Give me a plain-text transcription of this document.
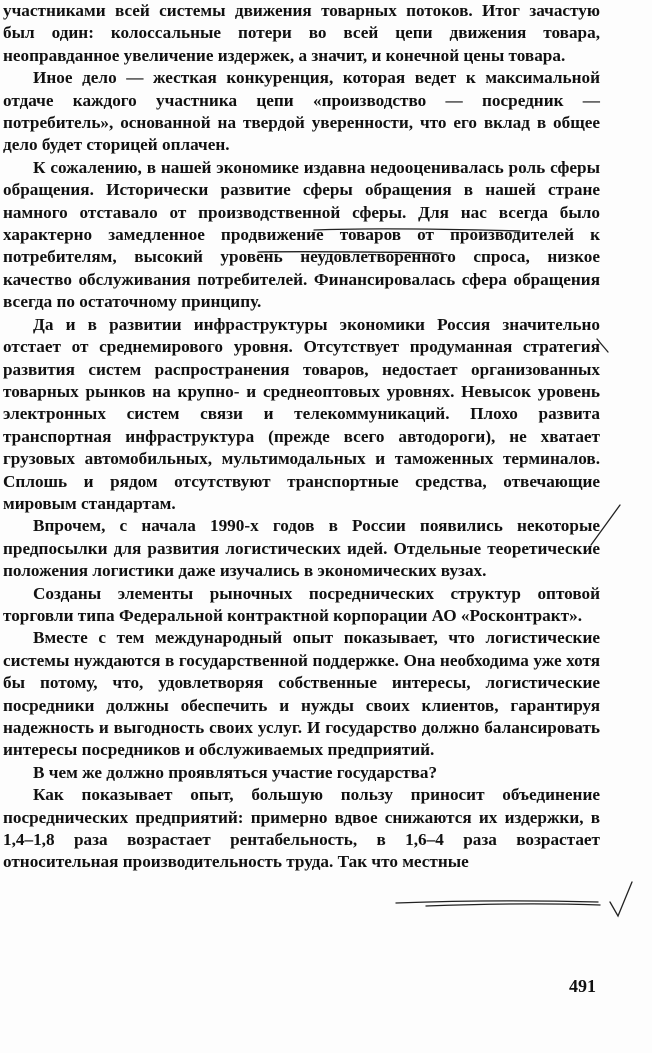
участниками всей системы движения товарных потоков. Итог зачастую был один: колоссальные потери во всей цепи движения товара, неоправданное увеличение издержек, а значит, и конечной цены товара.

Иное дело — жесткая конкуренция, которая ведет к максимальной отдаче каждого участника цепи «производство — посредник — потребитель», основанной на твердой уверенности, что его вклад в общее дело будет сторицей оплачен.

К сожалению, в нашей экономике издавна недооценивалась роль сферы обращения. Исторически развитие сферы обращения в нашей стране намного отставало от производственной сферы. Для нас всегда было характерно замедленное продвижение товаров от производителей к потребителям, высокий уровень неудовлетворенного спроса, низкое качество обслуживания потребителей. Финансировалась сфера обращения всегда по остаточному принципу.

Да и в развитии инфраструктуры экономики Россия значительно отстает от среднемирового уровня. Отсутствует продуманная стратегия развития систем распространения товаров, недостает организованных товарных рынков на крупно- и среднеоптовых уровнях. Невысок уровень электронных систем связи и телекоммуникаций. Плохо развита транспортная инфраструктура (прежде всего автодороги), не хватает грузовых автомобильных, мультимодальных и таможенных терминалов. Сплошь и рядом отсутствуют транспортные средства, отвечающие мировым стандартам.

Впрочем, с начала 1990-х годов в России появились некоторые предпосылки для развития логистических идей. Отдельные теоретические положения логистики даже изучались в экономических вузах.

Созданы элементы рыночных посреднических структур оптовой торговли типа Федеральной контрактной корпорации АО «Росконтракт».

Вместе с тем международный опыт показывает, что логистические системы нуждаются в государственной поддержке. Она необходима уже хотя бы потому, что, удовлетворяя собственные интересы, логистические посредники должны обеспечить и нужды своих клиентов, гарантируя надежность и выгодность своих услуг. И государство должно балансировать интересы посредников и обслуживаемых предприятий.

В чем же должно проявляться участие государства?

Как показывает опыт, большую пользу приносит объединение посреднических предприятий: примерно вдвое снижаются их издержки, в 1,4–1,8 раза возрастает рентабельность, в 1,6–4 раза возрастает относительная производительность труда. Так что местные

491
